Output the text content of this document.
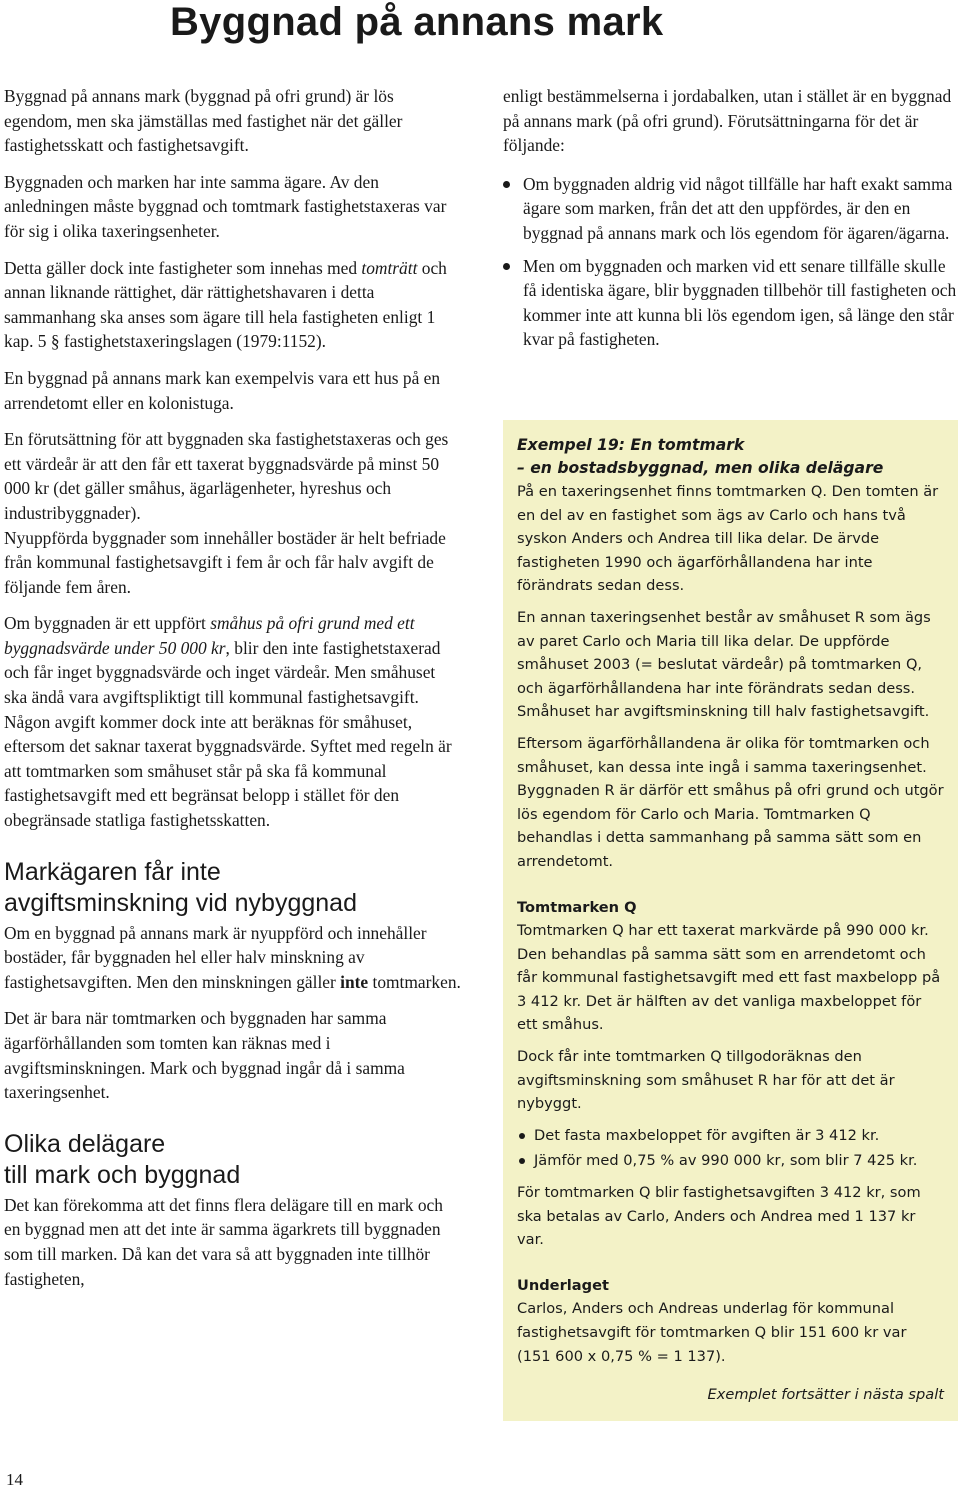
Byggnad på annans mark

Byggnad på annans mark (byggnad på ofri grund) är lös egendom, men ska jämställas med fastighet när det gäller fastighetsskatt och fastighetsavgift.

Byggnaden och marken har inte samma ägare. Av den anledningen måste byggnad och tomtmark fastighetstaxeras var för sig i olika taxeringsenheter.

Detta gäller dock inte fastigheter som innehas med tomträtt och annan liknande rättighet, där rättighetshavaren i detta sammanhang ska anses som ägare till hela fastigheten enligt 1 kap. 5 § fastighetstaxeringslagen (1979:1152).

En byggnad på annans mark kan exempelvis vara ett hus på en arrendetomt eller en kolonistuga.

En förutsättning för att byggnaden ska fastighetstaxeras och ges ett värdeår är att den får ett taxerat byggnadsvärde på minst 50 000 kr (det gäller småhus, ägarlägenheter, hyreshus och industribyggnader).

Nyuppförda byggnader som innehåller bostäder är helt befriade från kommunal fastighetsavgift i fem år och får halv avgift de följande fem åren.

Om byggnaden är ett uppfört småhus på ofri grund med ett byggnadsvärde under 50 000 kr, blir den inte fastighetstaxerad och får inget byggnadsvärde och inget värdeår. Men småhuset ska ändå vara avgiftspliktigt till kommunal fastighetsavgift. Någon avgift kommer dock inte att beräknas för småhuset, eftersom det saknar taxerat byggnadsvärde. Syftet med regeln är att tomtmarken som småhuset står på ska få kommunal fastighetsavgift med ett begränsat belopp i stället för den obegränsade statliga fastighetsskatten.

Markägaren får inte
avgiftsminskning vid nybyggnad

Om en byggnad på annans mark är nyuppförd och innehåller bostäder, får byggnaden hel eller halv minskning av fastighetsavgiften. Men den minskningen gäller inte tomtmarken.

Det är bara när tomtmarken och byggnaden har samma ägarförhållanden som tomten kan räknas med i avgiftsminskningen. Mark och byggnad ingår då i samma taxeringsenhet.

Olika delägare
till mark och byggnad

Det kan förekomma att det finns flera delägare till en mark och en byggnad men att det inte är samma ägarkrets till byggnaden som till marken. Då kan det vara så att byggnaden inte tillhör fastigheten,

enligt bestämmelserna i jordabalken, utan i stället är en byggnad på annans mark (på ofri grund). Förutsättningarna för det är följande:

Om byggnaden aldrig vid något tillfälle har haft exakt samma ägare som marken, från det att den uppfördes, är den en byggnad på annans mark och lös egendom för ägaren/ägarna.
Men om byggnaden och marken vid ett senare tillfälle skulle få identiska ägare, blir byggnaden tillbehör till fastigheten och kommer inte att kunna bli lös egendom igen, så länge den står kvar på fastigheten.
Exempel 19: En tomtmark
– en bostadsbyggnad, men olika delägare

På en taxeringsenhet finns tomtmarken Q. Den tomten är en del av en fastighet som ägs av Carlo och hans två syskon Anders och Andrea till lika delar. De ärvde fastigheten 1990 och ägarförhållandena har inte förändrats sedan dess.

En annan taxeringsenhet består av småhuset R som ägs av paret Carlo och Maria till lika delar. De uppförde småhuset 2003 (= beslutat värdeår) på tomtmarken Q, och ägarförhållandena har inte förändrats sedan dess. Småhuset har avgiftsminskning till halv fastighetsavgift.

Eftersom ägarförhållandena är olika för tomtmarken och småhuset, kan dessa inte ingå i samma taxeringsenhet. Byggnaden R är därför ett småhus på ofri grund och utgör lös egendom för Carlo och Maria. Tomtmarken Q behandlas i detta sammanhang på samma sätt som en arrendetomt.

Tomtmarken Q

Tomtmarken Q har ett taxerat markvärde på 990 000 kr. Den behandlas på samma sätt som en arrendetomt och får kommunal fastighetsavgift med ett fast maxbelopp på 3 412 kr. Det är hälften av det vanliga maxbeloppet för ett småhus.

Dock får inte tomtmarken Q tillgodoräknas den avgiftsminskning som småhuset R har för att det är nybyggt.

Det fasta maxbeloppet för avgiften är 3 412 kr.
Jämför med 0,75 % av 990 000 kr, som blir 7 425 kr.

För tomtmarken Q blir fastighetsavgiften 3 412 kr, som ska betalas av Carlo, Anders och Andrea med 1 137 kr var.

Underlaget

Carlos, Anders och Andreas underlag för kommunal fastighetsavgift för tomtmarken Q blir 151 600 kr var (151 600 x 0,75 % = 1 137).

Exemplet fortsätter i nästa spalt
14
